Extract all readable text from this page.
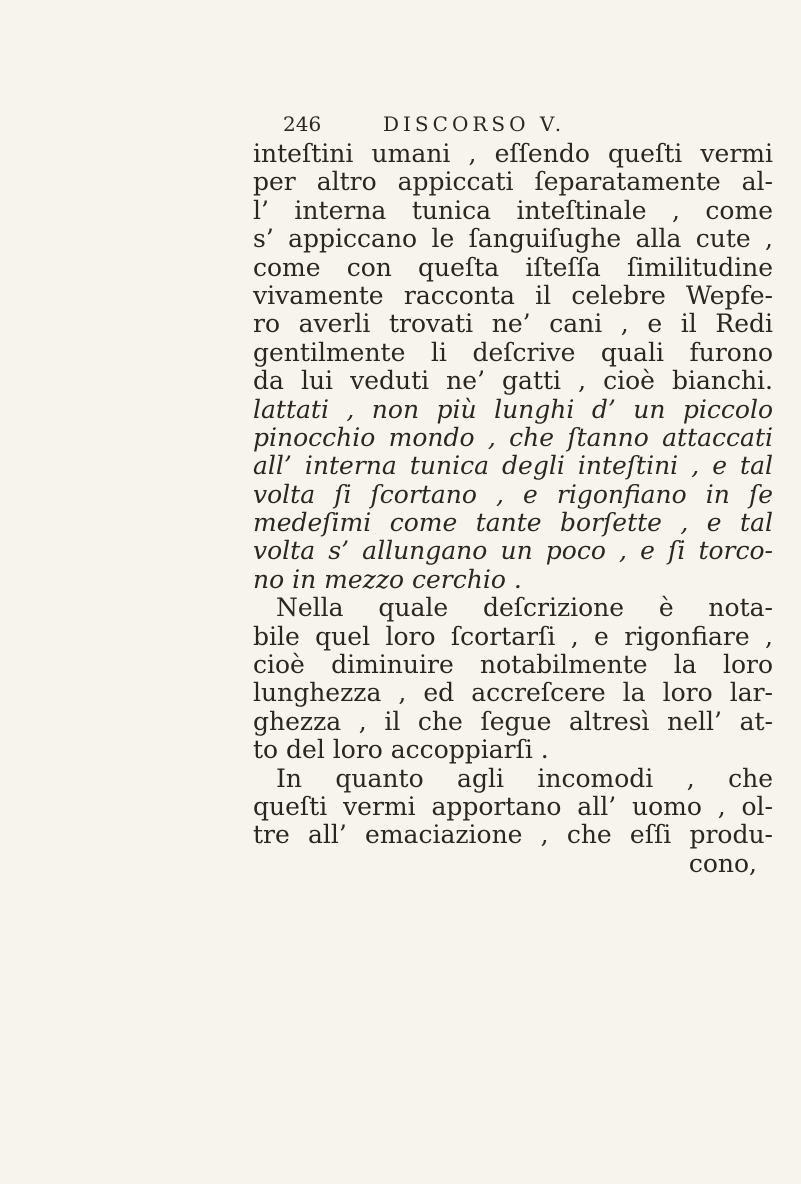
246	DISCORSO V.
inteſtini umani , eſſendo queſti vermi
per altro appiccati ſeparatamente al-
l’ interna tunica inteſtinale , come
s’ appiccano le ſanguiſughe alla cute ,
come con queſta iſteſſa ſimilitudine
vivamente racconta il celebre Wepfe-
ro averli trovati ne’ cani , e il Redi
gentilmente li deſcrive quali furono
da lui veduti ne’ gatti , cioè bianchi.
lattati , non più lunghi d’ un piccolo
pinocchio mondo , che ſtanno attaccati
all’ interna tunica degli inteſtini , e tal
volta ſi ſcortano , e rigonfiano in ſe
medeſimi come tante borſette , e tal
volta s’ allungano un poco , e ſi torco-
no in mezzo cerchio .
Nella quale deſcrizione è nota-
bile quel loro ſcortarſi , e rigonfiare ,
cioè diminuire notabilmente la loro
lunghezza , ed accreſcere la loro lar-
ghezza , il che ſegue altresì nell’ at-
to del loro accoppiarſi .
In quanto agli incomodi , che
queſti vermi apportano all’ uomo , ol-
tre all’ emaciazione , che eſſi produ-
cono,
